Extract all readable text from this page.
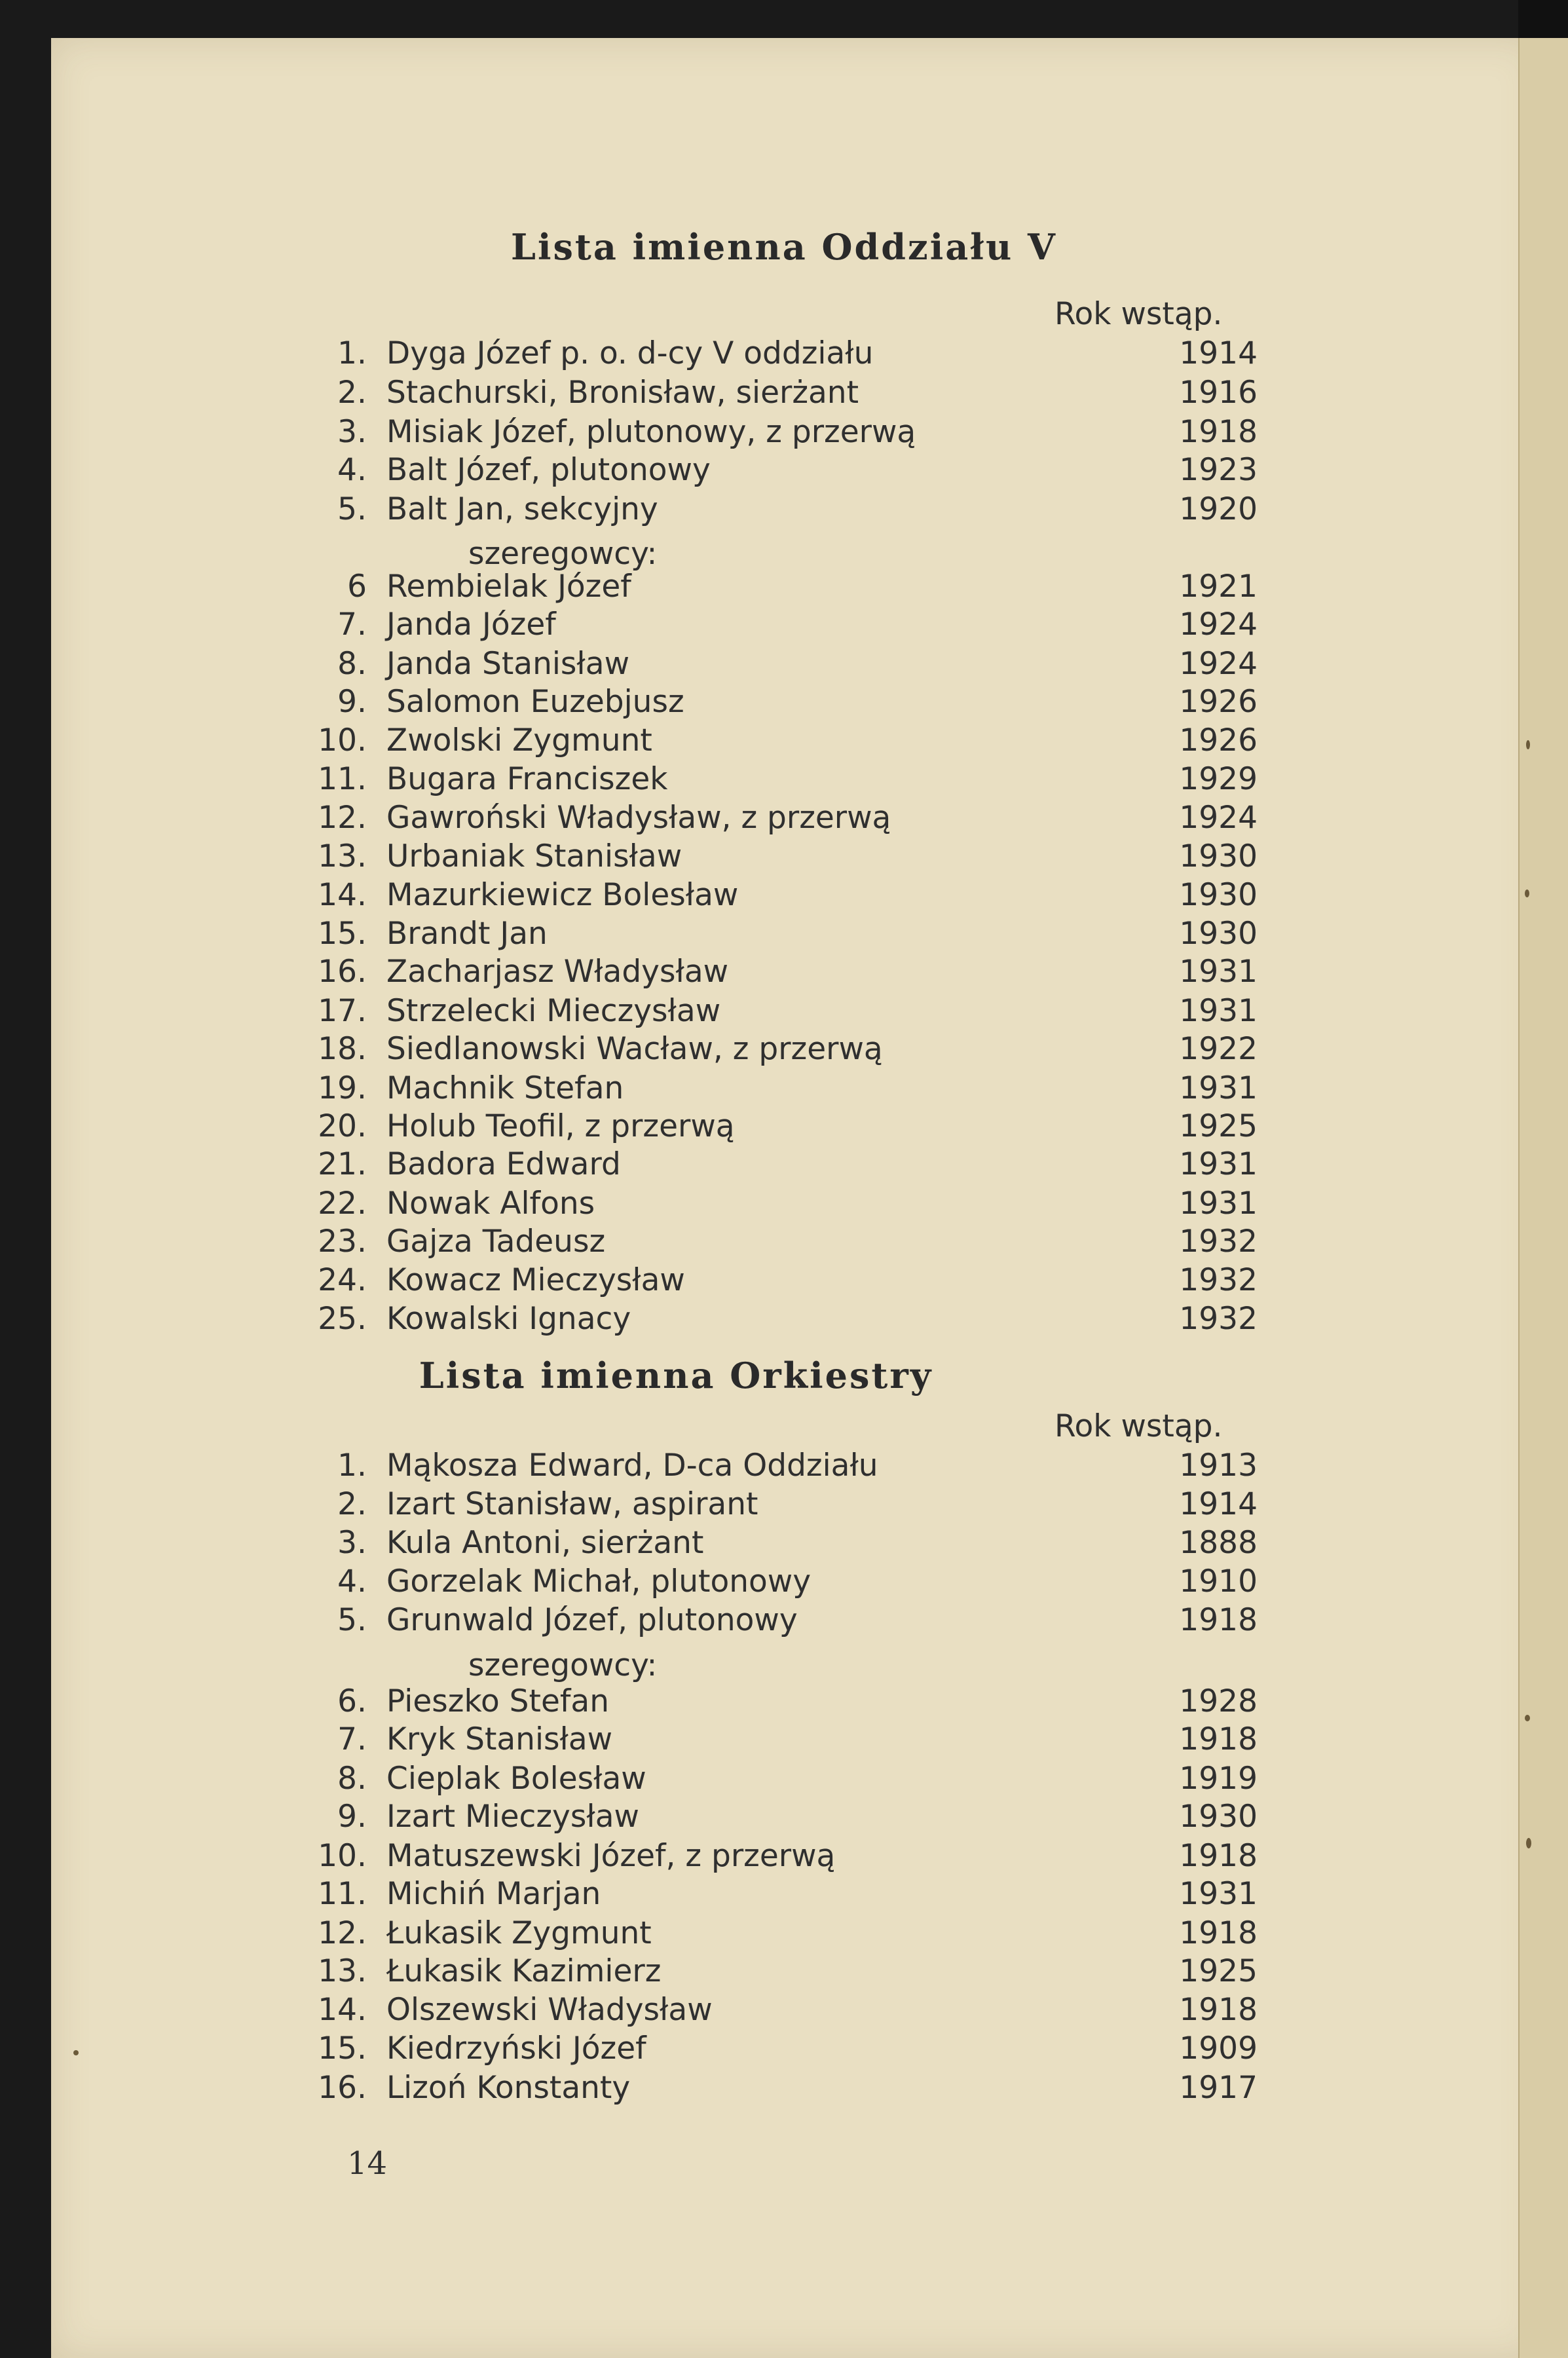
Lista imienna Oddziału V
Rok wstąp.
szeregowcy:
1. Dyga Józef p. o. d-cy V oddziału	1914
2. Stachurski, Bronisław, sierżant	1916
3. Misiak Józef, plutonowy, z przerwą	1918
4. Balt Józef, plutonowy	1923
5. Balt Jan, sekcyjny	1920
6 Rembielak Józef	1921
7. Janda Józef	1924
8. Janda Stanisław	1924
9. Salomon Euzebjusz	1926
10. Zwolski Zygmunt	1926
11. Bugara Franciszek	1929
12. Gawroński Władysław, z przerwą	1924
13. Urbaniak Stanisław	1930
14. Mazurkiewicz Bolesław	1930
15. Brandt Jan	1930
16. Zacharjasz Władysław	1931
17. Strzelecki Mieczysław	1931
18. Siedlanowski Wacław, z przerwą	1922
19. Machnik Stefan	1931
20. Holub Teofil, z przerwą	1925
21. Badora Edward	1931
22. Nowak Alfons	1931
23. Gajza Tadeusz	1932
24. Kowacz Mieczysław	1932
25. Kowalski Ignacy	1932
Lista imienna Orkiestry
Rok wstąp.
szeregowcy:
1. Mąkosza Edward, D-ca Oddziału	1913
2. Izart Stanisław, aspirant	1914
3. Kula Antoni, sierżant	1888
4. Gorzelak Michał, plutonowy	1910
5. Grunwald Józef, plutonowy	1918
6. Pieszko Stefan	1928
7. Kryk Stanisław	1918
8. Cieplak Bolesław	1919
9. Izart Mieczysław	1930
10. Matuszewski Józef, z przerwą	1918
11. Michiń Marjan	1931
12. Łukasik Zygmunt	1918
13. Łukasik Kazimierz	1925
14. Olszewski Władysław	1918
15. Kiedrzyński Józef	1909
16. Lizoń Konstanty	1917
14
